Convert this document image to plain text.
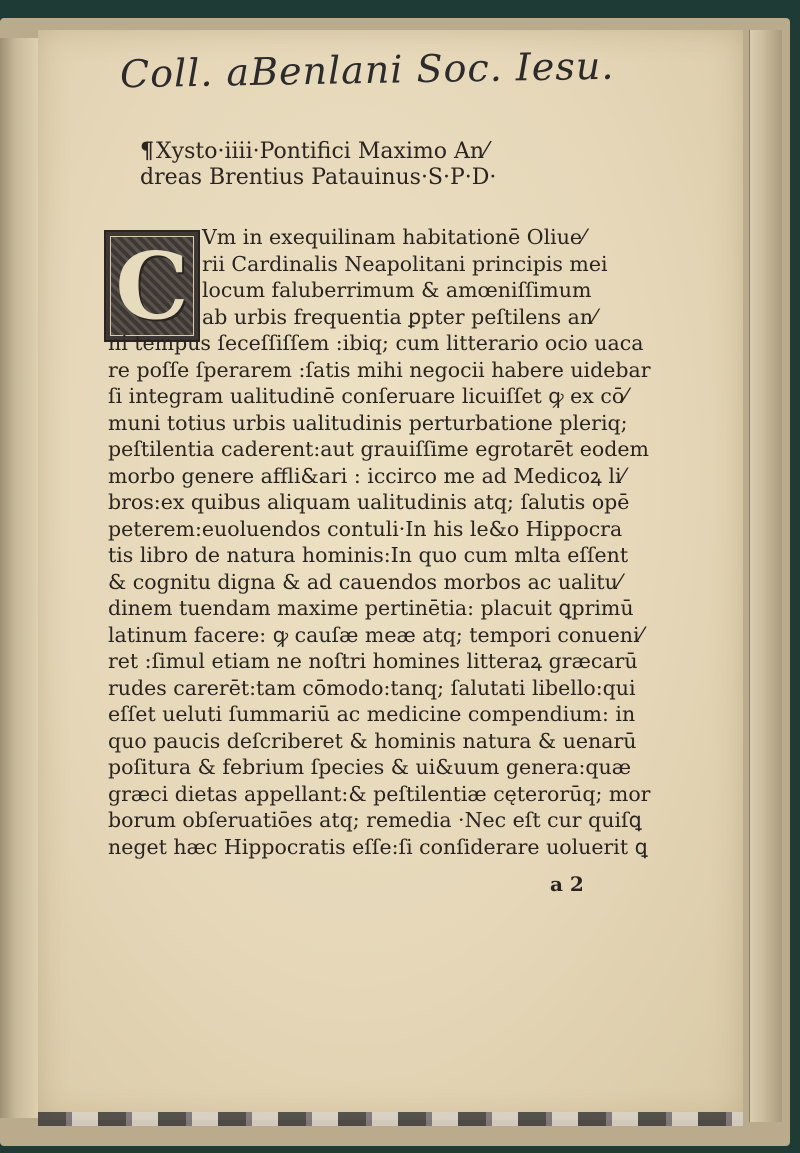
Coll. aBenlani Soc. Iesu.
¶Xysto·iiii·Pontifici Maximo An⁄
dreas Brentius Patauinus·S·P·D·
C Vm in exequilinam habitationē Oliue⁄
rii Cardinalis Neapolitani principis mei
locum faluberrimum & amœniſſimum
ab urbis frequentia ꝑpter peſtilens an⁄
ni tempus ſeceſſiſſem :ibiq; cum litterario ocio uaca
re poſſe ſperarem :ſatis mihi negocii habere uidebar
ſi integram ualitudinē conſeruare licuiſſet ꝙ ex cō⁄
muni totius urbis ualitudinis perturbatione pleriq;
peſtilentia caderent:aut grauiſſime egrotarēt eodem
morbo genere affli&ari : iccirco me ad Medicoꝝ li⁄
bros:ex quibus aliquam ualitudinis atq; ſalutis opē
peterem:euoluendos contuli·In his le&o Hippocra
tis libro de natura hominis:In quo cum mlta eſſent
& cognitu digna & ad cauendos morbos ac ualitu⁄
dinem tuendam maxime pertinētia: placuit ꝗprimū
latinum facere: ꝙ cauſæ meæ atq; tempori conueni⁄
ret :ſimul etiam ne noſtri homines litteraꝝ græcarū
rudes carerēt:tam cōmodo:tanq; ſalutati libello:qui
eſſet ueluti ſummariū ac medicine compendium: in
quo paucis deſcriberet & hominis natura & uenarū
poſitura & febrium ſpecies & ui&uum genera:quæ
græci dietas appellant:& peſtilentiæ cęterorūq; mor
borum obſeruatiōes atq; remedia ·Nec eſt cur quiſꝗ
neget hæc Hippocratis eſſe:ſi conſiderare uoluerit ꝗ
a 2
